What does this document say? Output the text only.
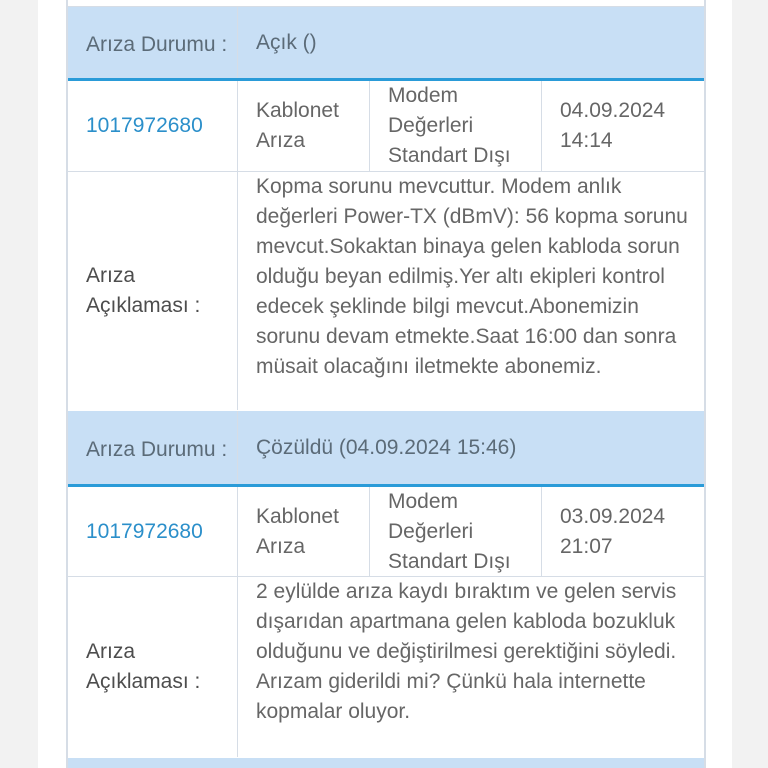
Arıza Durumu :	Açık ()
1017972680
Kablonet Arıza
Modem Değerleri Standart Dışı
04.09.2024
14:14
Arıza Açıklaması :
Kopma sorunu mevcuttur. Modem anlık değerleri Power-TX (dBmV): 56 kopma sorunu mevcut.Sokaktan binaya gelen kabloda sorun olduğu beyan edilmiş.Yer altı ekipleri kontrol edecek şeklinde bilgi mevcut.Abonemizin sorunu devam etmekte.Saat 16:00 dan sonra müsait olacağını iletmekte abonemiz.
Arıza Durumu :	Çözüldü (04.09.2024 15:46)
1017972680
Kablonet Arıza
Modem Değerleri Standart Dışı
03.09.2024
21:07
Arıza Açıklaması :
2 eylülde arıza kaydı bıraktım ve gelen servis dışarıdan apartmana gelen kabloda bozukluk olduğunu ve değiştirilmesi gerektiğini söyledi. Arızam giderildi mi? Çünkü hala internette kopmalar oluyor.
